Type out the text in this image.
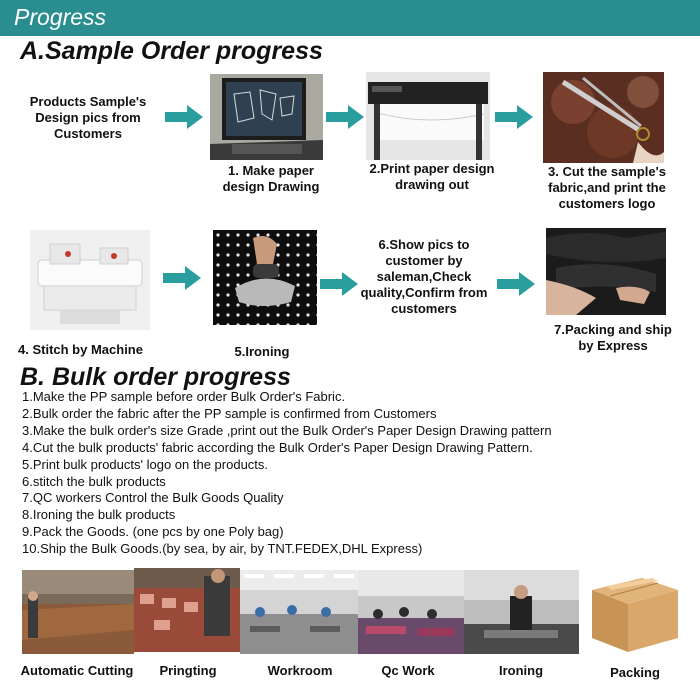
Progress
A.Sample Order progress
Products Sample's Design pics from Customers
1. Make paper design Drawing
2.Print paper design drawing out
3. Cut the sample's fabric,and print the customers logo
6.Show pics to customer by saleman,Check quality,Confirm from customers
4. Stitch by Machine	5.Ironing
7.Packing and ship by Express
B. Bulk order progress
1.Make the PP sample before order Bulk Order's Fabric.
2.Bulk order the fabric after the PP sample is confirmed from Customers
3.Make the bulk order's size Grade ,print out the Bulk Order's Paper Design Drawing pattern
4.Cut the bulk products' fabric according the Bulk Order's Paper Design Drawing Pattern.
5.Print bulk products' logo on the products.
6.stitch the bulk products
7.QC workers Control the Bulk Goods Quality
8.Ironing the bulk products
9.Pack the Goods. (one pcs by one Poly bag)
10.Ship the Bulk Goods.(by sea, by air, by TNT.FEDEX,DHL Express)
Automatic Cutting	Pringting	Workroom	Qc Work	Ironing	Packing
